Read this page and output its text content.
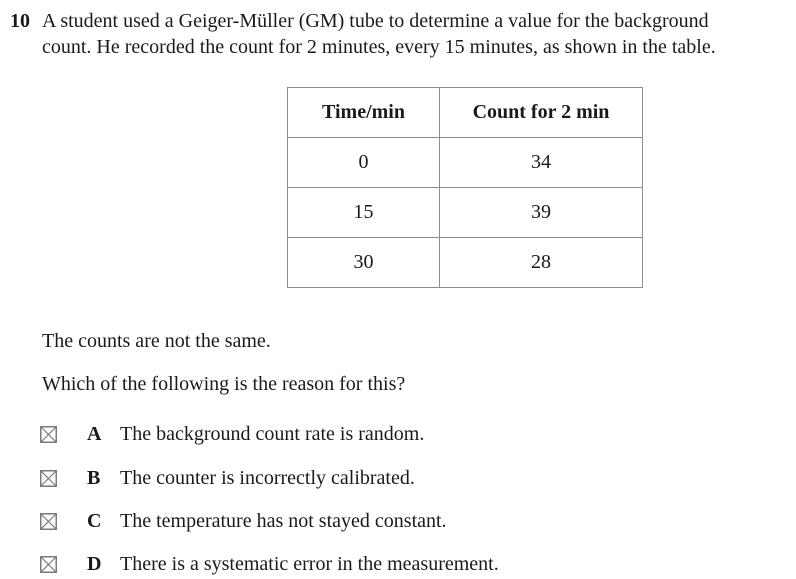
10 A student used a Geiger-Müller (GM) tube to determine a value for the background
count. He recorded the count for 2 minutes, every 15 minutes, as shown in the table.
Time/min	Count for 2 min
0	34
15	39
30	28
The counts are not the same.
Which of the following is the reason for this?
A The background count rate is random.
B The counter is incorrectly calibrated.
C The temperature has not stayed constant.
D There is a systematic error in the measurement.
